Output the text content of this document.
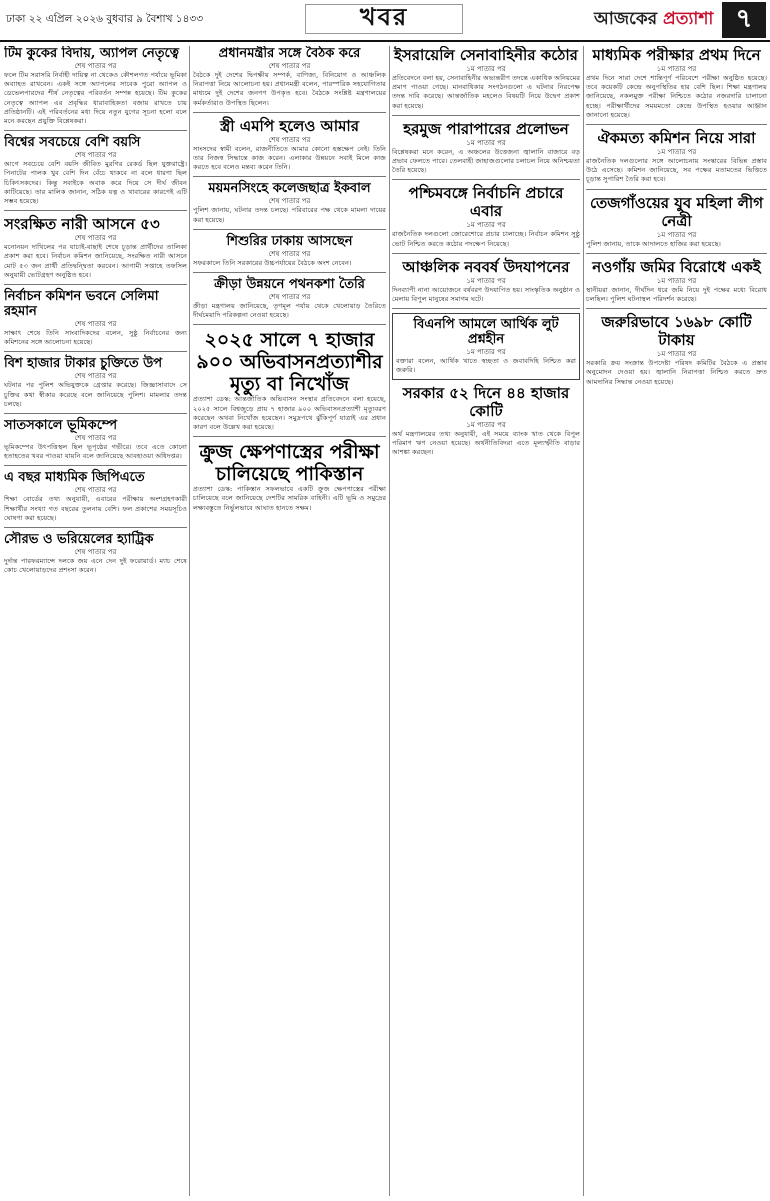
ঢাকা ২২ এপ্রিল ২০২৬ বুধবার ৯ বৈশাখ ১৪৩৩	খবর	আজকের প্রত্যাশা ৭
টিম কুকের বিদায়, অ্যাপল নেতৃত্বে
শেষ পাতার পর
ফলে টিম সরাসরি নির্বাহী দায়িত্ব না থেকেও কৌশলগত পর্যায়ে ভূমিকা অব্যাহত রাখবেন। একই সঙ্গে অ্যাপলের সাবেক পুরো অ্যাপল ও ডেভেলপারদের শীর্ষ নেতৃত্বের পরিবর্তন সম্পন্ন হয়েছে। টিম কুকের নেতৃত্বে অ্যাপল এর প্রবৃদ্ধির ধারাবাহিকতা বজায় রাখতে চায় প্রতিষ্ঠানটি। এই পরিবর্তনের মধ্য দিয়ে নতুন যুগের সূচনা হলো বলে মনে করছেন প্রযুক্তি বিশ্লেষকরা।
বিশ্বের সবচেয়ে বেশি বয়সি
শেষ পাতার পর
আগে সবচেয়ে বেশি বয়সি জীবিত মুরগির রেকর্ড ছিল যুক্তরাষ্ট্রে। পিনাটের পালক খুব বেশি দিন বেঁচে থাকবে না বলে ধারণা ছিল চিকিৎসকদের। কিন্তু সবাইকে অবাক করে দিয়ে সে দীর্ঘ জীবন কাটিয়েছে। তার মালিক জানান, সঠিক যত্ন ও খাবারের কারণেই এটি সম্ভব হয়েছে।
সংরক্ষিত নারী আসনে ৫৩
শেষ পাতার পর
মনোনয়ন দাখিলের পর যাচাই-বাছাই শেষে চূড়ান্ত প্রার্থীদের তালিকা প্রকাশ করা হবে। নির্বাচন কমিশন জানিয়েছে, সংরক্ষিত নারী আসনে মোট ৫৩ জন প্রার্থী প্রতিদ্বন্দ্বিতা করবেন। আগামী সপ্তাহে তফসিল অনুযায়ী ভোটগ্রহণ অনুষ্ঠিত হবে।
নির্বাচন কমিশন ভবনে সেলিমা রহমান
শেষ পাতার পর
সাক্ষাৎ শেষে তিনি সাংবাদিকদের বলেন, সুষ্ঠু নির্বাচনের জন্য কমিশনের সঙ্গে আলোচনা হয়েছে।
বিশ হাজার টাকার চুক্তিতে উপ
শেষ পাতার পর
ঘটনার পর পুলিশ অভিযুক্তকে গ্রেপ্তার করেছে। জিজ্ঞাসাবাদে সে চুক্তির কথা স্বীকার করেছে বলে জানিয়েছে পুলিশ। মামলার তদন্ত চলছে।
সাতসকালে ভূমিকম্পে
শেষ পাতার পর
ভূমিকম্পের উৎপত্তিস্থল ছিল ভূপৃষ্ঠের গভীরে। তবে এতে কোনো হতাহতের খবর পাওয়া যায়নি বলে জানিয়েছে আবহাওয়া অধিদপ্তর।
এ বছর মাধ্যমিক জিপিএতে
শেষ পাতার পর
শিক্ষা বোর্ডের তথ্য অনুযায়ী, এবারের পরীক্ষায় অংশগ্রহণকারী শিক্ষার্থীর সংখ্যা গত বছরের তুলনায় বেশি। ফল প্রকাশের সময়সূচিও ঘোষণা করা হয়েছে।
সৌরভ ও ভরিয়েলের হ্যাট্রিক
শেষ পাতার পর
দুর্দান্ত পারফরম্যান্সে দলকে জয় এনে দেন দুই ফরোয়ার্ড। ম্যাচ শেষে কোচ খেলোয়াড়দের প্রশংসা করেন।
প্রধানমন্ত্রীর সঙ্গে বৈঠক করে
শেষ পাতার পর
বৈঠকে দুই দেশের দ্বিপক্ষীয় সম্পর্ক, বাণিজ্য, বিনিয়োগ ও আঞ্চলিক নিরাপত্তা নিয়ে আলোচনা হয়। প্রধানমন্ত্রী বলেন, পারস্পরিক সহযোগিতার মাধ্যমে দুই দেশের জনগণ উপকৃত হবে। বৈঠকে সংশ্লিষ্ট মন্ত্রণালয়ের কর্মকর্তারাও উপস্থিত ছিলেন।
স্ত্রী এমপি হলেও আমার
শেষ পাতার পর
সাংসদের স্বামী বলেন, রাজনীতিতে আমার কোনো হস্তক্ষেপ নেই। তিনি তার নিজস্ব সিদ্ধান্তে কাজ করেন। এলাকার উন্নয়নে সবাই মিলে কাজ করতে হবে বলেও মন্তব্য করেন তিনি।
ময়মনসিংহে কলেজছাত্র ইকবাল
শেষ পাতার পর
পুলিশ জানায়, ঘটনার তদন্ত চলছে। পরিবারের পক্ষ থেকে মামলা দায়ের করা হয়েছে।
শিশুরির ঢাকায় আসছেন
শেষ পাতার পর
সফরকালে তিনি সরকারের উচ্চপর্যায়ের বৈঠকে অংশ নেবেন।
ক্রীড়া উন্নয়নে পথনকশা তৈরি
শেষ পাতার পর
ক্রীড়া মন্ত্রণালয় জানিয়েছে, তৃণমূল পর্যায় থেকে খেলোয়াড় তৈরিতে দীর্ঘমেয়াদি পরিকল্পনা নেওয়া হয়েছে।
২০২৫ সালে ৭ হাজার ৯০০ অভিবাসনপ্রত্যাশীর মৃত্যু বা নিখোঁজ
প্রত্যাশা ডেস্ক: আন্তর্জাতিক অভিবাসন সংস্থার প্রতিবেদনে বলা হয়েছে, ২০২৫ সালে বিশ্বজুড়ে প্রায় ৭ হাজার ৯০০ অভিবাসনপ্রত্যাশী মৃত্যুবরণ করেছেন অথবা নিখোঁজ হয়েছেন। সমুদ্রপথে ঝুঁকিপূর্ণ যাত্রাই এর প্রধান কারণ বলে উল্লেখ করা হয়েছে।
ক্রুজ ক্ষেপণাস্ত্রের পরীক্ষা চালিয়েছে পাকিস্তান
প্রত্যাশা ডেস্ক: পাকিস্তান সফলভাবে একটি ক্রুজ ক্ষেপণাস্ত্রের পরীক্ষা চালিয়েছে বলে জানিয়েছে দেশটির সামরিক বাহিনী। এটি ভূমি ও সমুদ্রের লক্ষ্যবস্তুতে নির্ভুলভাবে আঘাত হানতে সক্ষম।
ইসরায়েলি সেনাবাহিনীর কঠোর
১ম পাতার পর
প্রতিবেদনে বলা হয়, সেনাবাহিনীর অভ্যন্তরীণ তদন্তে একাধিক অনিয়মের প্রমাণ পাওয়া গেছে। মানবাধিকার সংগঠনগুলো এ ঘটনার নিরপেক্ষ তদন্ত দাবি করেছে। আন্তর্জাতিক মহলেও বিষয়টি নিয়ে উদ্বেগ প্রকাশ করা হয়েছে।
হরমুজ পারাপারের প্রলোভন
১ম পাতার পর
বিশ্লেষকরা মনে করেন, এ অঞ্চলের উত্তেজনা জ্বালানি বাজারে বড় প্রভাব ফেলতে পারে। তেলবাহী জাহাজগুলোর চলাচল নিয়ে অনিশ্চয়তা তৈরি হয়েছে।
পশ্চিমবঙ্গে নির্বাচনি প্রচারে এবার
১ম পাতার পর
রাজনৈতিক দলগুলো জোরেশোরে প্রচার চালাচ্ছে। নির্বাচন কমিশন সুষ্ঠু ভোট নিশ্চিত করতে কঠোর পদক্ষেপ নিয়েছে।
আঞ্চলিক নববর্ষ উদযাপনের
১ম পাতার পর
দিনব্যাপী নানা আয়োজনে বর্ষবরণ উদযাপিত হয়। সাংস্কৃতিক অনুষ্ঠান ও মেলায় বিপুল মানুষের সমাগম ঘটে।
বিএনপি আমলে আর্থিক লুট প্রশ্নহীন
১ম পাতার পর
বক্তারা বলেন, আর্থিক খাতে স্বচ্ছতা ও জবাবদিহি নিশ্চিত করা জরুরি।
সরকার ৫২ দিনে ৪৪ হাজার কোটি
১ম পাতার পর
অর্থ মন্ত্রণালয়ের তথ্য অনুযায়ী, এই সময়ে ব্যাংক খাত থেকে বিপুল পরিমাণ ঋণ নেওয়া হয়েছে। অর্থনীতিবিদরা এতে মূল্যস্ফীতি বাড়ার আশঙ্কা করছেন।
মাধ্যমিক পরীক্ষার প্রথম দিনে
১ম পাতার পর
প্রথম দিনে সারা দেশে শান্তিপূর্ণ পরিবেশে পরীক্ষা অনুষ্ঠিত হয়েছে। তবে কয়েকটি কেন্দ্রে অনুপস্থিতির হার বেশি ছিল। শিক্ষা মন্ত্রণালয় জানিয়েছে, নকলমুক্ত পরীক্ষা নিশ্চিতে কঠোর নজরদারি চালানো হচ্ছে। পরীক্ষার্থীদের সময়মতো কেন্দ্রে উপস্থিত হওয়ার আহ্বান জানানো হয়েছে।
ঐকমত্য কমিশন নিয়ে সারা
১ম পাতার পর
রাজনৈতিক দলগুলোর সঙ্গে আলোচনায় সংস্কারের বিভিন্ন প্রস্তাব উঠে এসেছে। কমিশন জানিয়েছে, সব পক্ষের মতামতের ভিত্তিতে চূড়ান্ত সুপারিশ তৈরি করা হবে।
তেজগাঁওয়ের যুব মহিলা লীগ নেত্রী
১ম পাতার পর
পুলিশ জানায়, তাকে আদালতে হাজির করা হয়েছে।
নওগাঁয় জমির বিরোধে একই
১ম পাতার পর
স্থানীয়রা জানান, দীর্ঘদিন ধরে জমি নিয়ে দুই পক্ষের মধ্যে বিরোধ চলছিল। পুলিশ ঘটনাস্থল পরিদর্শন করেছে।
জরুরিভাবে ১৬৯৮ কোটি টাকায়
১ম পাতার পর
সরকারি ক্রয় সংক্রান্ত উপদেষ্টা পরিষদ কমিটির বৈঠকে এ প্রস্তাব অনুমোদন দেওয়া হয়। জ্বালানি নিরাপত্তা নিশ্চিত করতে দ্রুত আমদানির সিদ্ধান্ত নেওয়া হয়েছে।
